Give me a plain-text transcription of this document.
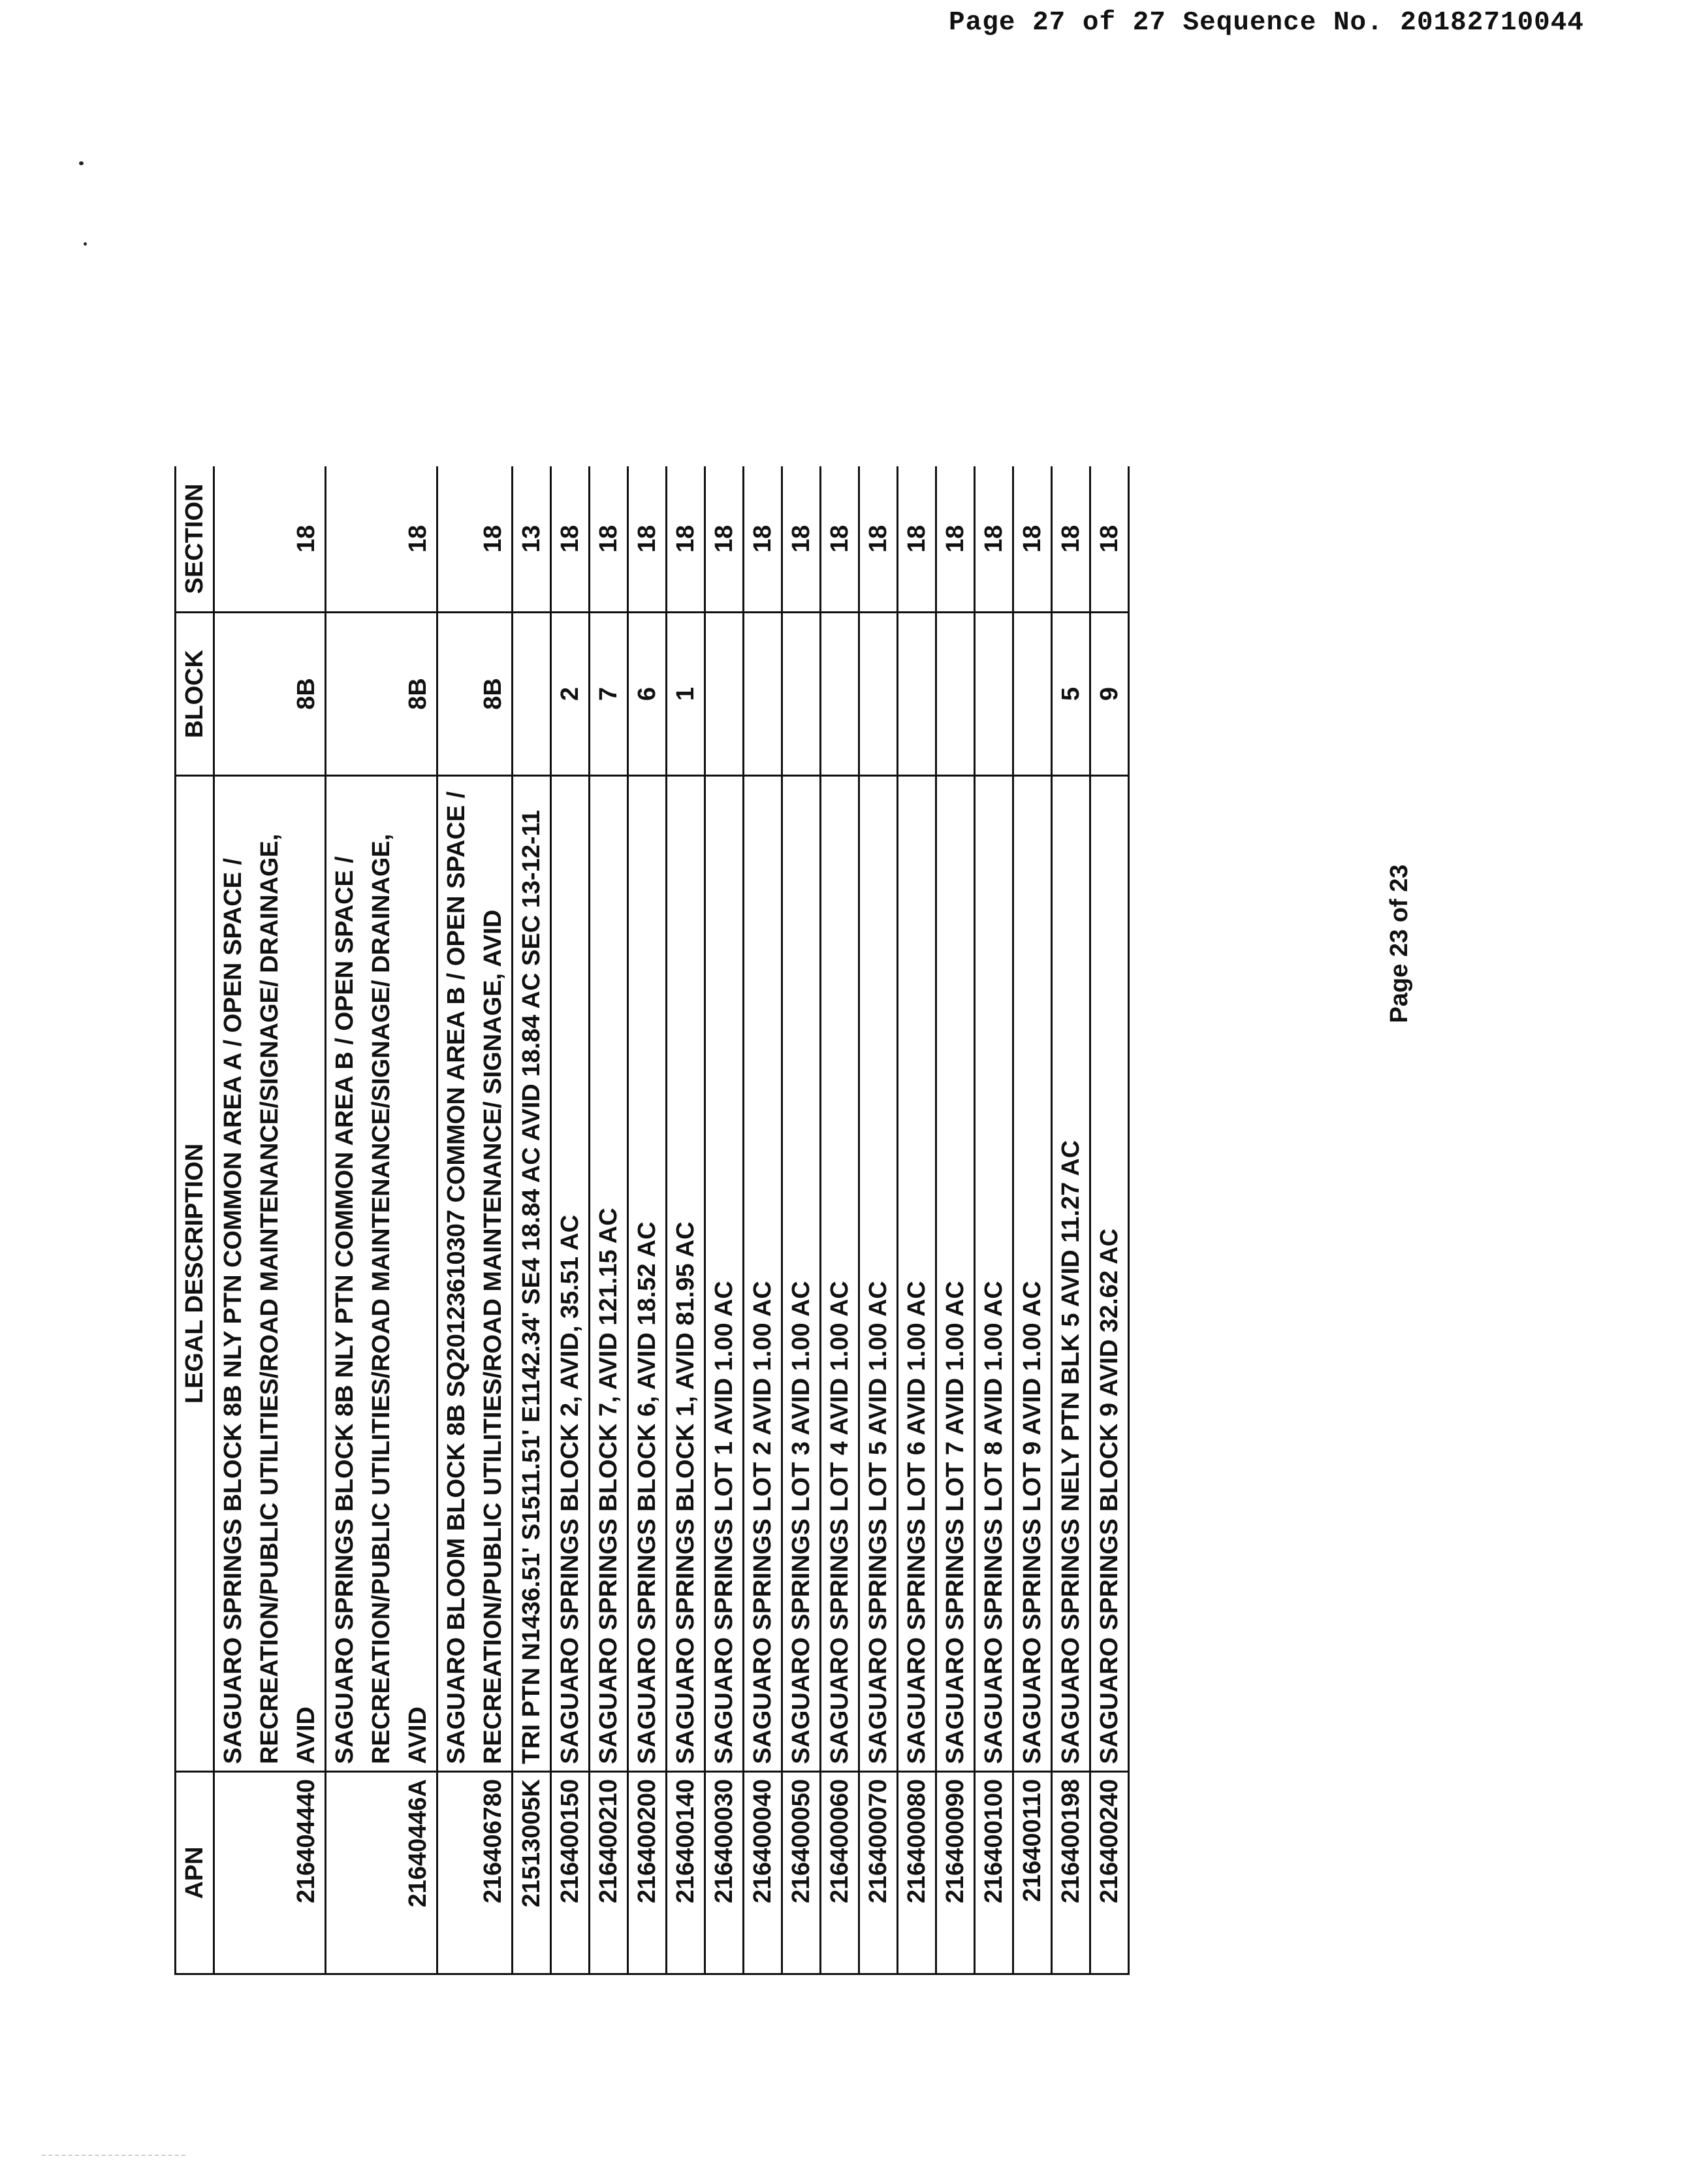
Page 27 of 27 Sequence No. 20182710044
APN	LEGAL DESCRIPTION	BLOCK	SECTION
216404440	SAGUARO SPRINGS BLOCK 8B NLY PTN COMMON AREA A / OPEN SPACE / RECREATION/PUBLIC UTILITIES/ROAD MAINTENANCE/SIGNAGE/ DRAINAGE, AVID	8B	18
21640446A	SAGUARO SPRINGS BLOCK 8B NLY PTN COMMON AREA B / OPEN SPACE / RECREATION/PUBLIC UTILITIES/ROAD MAINTENANCE/SIGNAGE/ DRAINAGE, AVID	8B	18
216406780	SAGUARO BLOOM BLOCK 8B SQ20123610307 COMMON AREA B / OPEN SPACE / RECREATION/PUBLIC UTILITIES/ROAD MAINTENANCE/ SIGNAGE, AVID	8B	18
21513005K	TRI PTN N1436.51' S1511.51' E1142.34' SE4 18.84 AC AVID 18.84 AC SEC 13-12-11		13
216400150	SAGUARO SPRINGS BLOCK 2, AVID, 35.51 AC	2	18
216400210	SAGUARO SPRINGS BLOCK 7, AVID 121.15 AC	7	18
216400200	SAGUARO SPRINGS BLOCK 6, AVID 18.52 AC	6	18
216400140	SAGUARO SPRINGS BLOCK 1, AVID 81.95 AC	1	18
216400030	SAGUARO SPRINGS LOT 1 AVID 1.00 AC		18
216400040	SAGUARO SPRINGS LOT 2 AVID 1.00 AC		18
216400050	SAGUARO SPRINGS LOT 3 AVID 1.00 AC		18
216400060	SAGUARO SPRINGS LOT 4 AVID 1.00 AC		18
216400070	SAGUARO SPRINGS LOT 5 AVID 1.00 AC		18
216400080	SAGUARO SPRINGS LOT 6 AVID 1.00 AC		18
216400090	SAGUARO SPRINGS LOT 7 AVID 1.00 AC		18
216400100	SAGUARO SPRINGS LOT 8 AVID 1.00 AC		18
216400110	SAGUARO SPRINGS LOT 9 AVID 1.00 AC		18
216400198	SAGUARO SPRINGS NELY PTN BLK 5 AVID 11.27 AC	5	18
216400240	SAGUARO SPRINGS BLOCK 9 AVID 32.62 AC	9	18
Page 23 of 23
